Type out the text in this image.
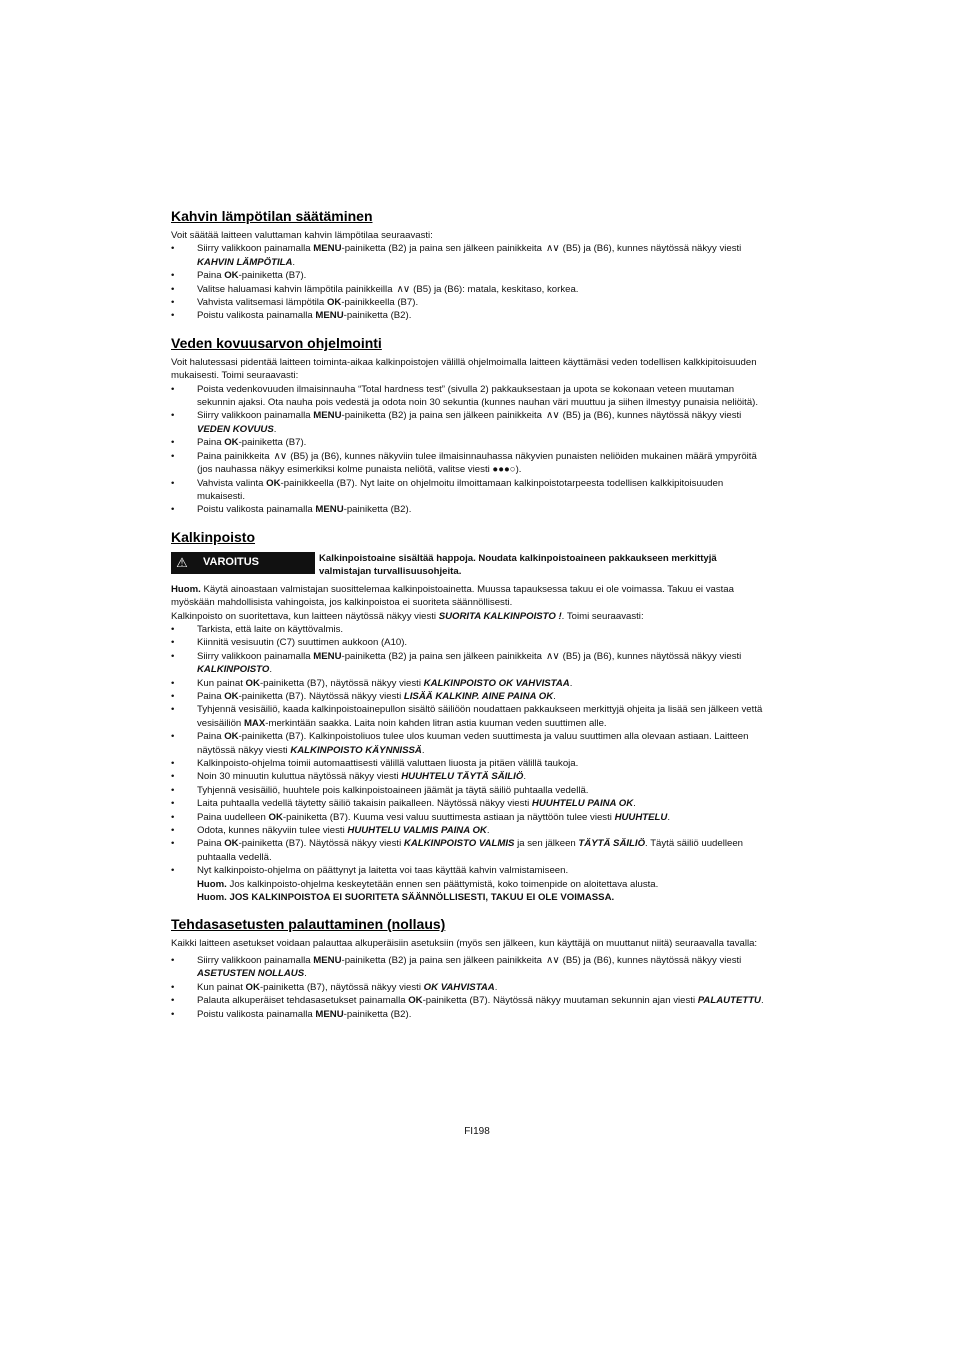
Kahvin lämpötilan säätäminen

Voit säätää laitteen valuttaman kahvin lämpötilaa seuraavasti:

• Siirry valikkoon painamalla MENU-painiketta (B2) ja paina sen jälkeen painikkeita ∧∨ (B5) ja (B6), kunnes näytössä näkyy viesti KAHVIN LÄMPÖTILA.
• Paina OK-painiketta (B7).
• Valitse haluamasi kahvin lämpötila painikkeilla ∧∨ (B5) ja (B6): matala, keskitaso, korkea.
• Vahvista valitsemasi lämpötila OK-painikkeella (B7).
• Poistu valikosta painamalla MENU-painiketta (B2).
Veden kovuusarvon ohjelmointi

Voit halutessasi pidentää laitteen toiminta-aikaa kalkinpoistojen välillä ohjelmoimalla laitteen käyttämäsi veden todellisen kalkkipitoisuuden mukaisesti. Toimi seuraavasti:

• Poista vedenkovuuden ilmaisinnauha “Total hardness test” (sivulla 2) pakkauksestaan ja upota se kokonaan veteen muutaman sekunnin ajaksi. Ota nauha pois vedestä ja odota noin 30 sekuntia (kunnes nauhan väri muuttuu ja siihen ilmestyy punaisia neliöitä).
• Siirry valikkoon painamalla MENU-painiketta (B2) ja paina sen jälkeen painikkeita ∧∨ (B5) ja (B6), kunnes näytössä näkyy viesti VEDEN KOVUUS.
• Paina OK-painiketta (B7).
• Paina painikkeita ∧∨ (B5) ja (B6), kunnes näkyviin tulee ilmaisinnauhassa näkyvien punaisten neliöiden mukainen määrä ympyröitä (jos nauhassa näkyy esimerkiksi kolme punaista neliötä, valitse viesti ●●●○).
• Vahvista valinta OK-painikkeella (B7). Nyt laite on ohjelmoitu ilmoittamaan kalkinpoistotarpeesta todellisen kalkkipitoisuuden mukaisesti.
• Poistu valikosta painamalla MENU-painiketta (B2).
Kalkinpoisto
⚠	VAROITUS	Kalkinpoistoaine sisältää happoja. Noudata kalkinpoistoaineen pakkaukseen merkittyjä valmistajan turvallisuusohjeita.

Huom. Käytä ainoastaan valmistajan suosittelemaa kalkinpoistoainetta. Muussa tapauksessa takuu ei ole voimassa. Takuu ei vastaa myöskään mahdollisista vahingoista, jos kalkinpoistoa ei suoriteta säännöllisesti.

Kalkinpoisto on suoritettava, kun laitteen näytössä näkyy viesti SUORITA KALKINPOISTO !. Toimi seuraavasti:

• Tarkista, että laite on käyttövalmis.
• Kiinnitä vesisuutin (C7) suuttimen aukkoon (A10).
• Siirry valikkoon painamalla MENU-painiketta (B2) ja paina sen jälkeen painikkeita ∧∨ (B5) ja (B6), kunnes näytössä näkyy viesti KALKINPOISTO.
• Kun painat OK-painiketta (B7), näytössä näkyy viesti KALKINPOISTO OK VAHVISTAA.
• Paina OK-painiketta (B7). Näytössä näkyy viesti LISÄÄ KALKINP. AINE PAINA OK.
• Tyhjennä vesisäiliö, kaada kalkinpoistoainepullon sisältö säiliöön noudattaen pakkaukseen merkittyjä ohjeita ja lisää sen jälkeen vettä vesisäiliön MAX-merkintään saakka. Laita noin kahden litran astia kuuman veden suuttimen alle.
• Paina OK-painiketta (B7). Kalkinpoistoliuos tulee ulos kuuman veden suuttimesta ja valuu suuttimen alla olevaan astiaan. Laitteen näytössä näkyy viesti KALKINPOISTO KÄYNNISSÄ.
• Kalkinpoisto-ohjelma toimii automaattisesti välillä valuttaen liuosta ja pitäen välillä taukoja.
• Noin 30 minuutin kuluttua näytössä näkyy viesti HUUHTELU TÄYTÄ SÄILIÖ.
• Tyhjennä vesisäiliö, huuhtele pois kalkinpoistoaineen jäämät ja täytä säiliö puhtaalla vedellä.
• Laita puhtaalla vedellä täytetty säiliö takaisin paikalleen. Näytössä näkyy viesti HUUHTELU PAINA OK.
• Paina uudelleen OK-painiketta (B7). Kuuma vesi valuu suuttimesta astiaan ja näyttöön tulee viesti HUUHTELU.
• Odota, kunnes näkyviin tulee viesti HUUHTELU VALMIS PAINA OK.
• Paina OK-painiketta (B7). Näytössä näkyy viesti KALKINPOISTO VALMIS ja sen jälkeen TÄYTÄ SÄILIÖ. Täytä säiliö uudelleen puhtaalla vedellä.
• Nyt kalkinpoisto-ohjelma on päättynyt ja laitetta voi taas käyttää kahvin valmistamiseen.
Huom. Jos kalkinpoisto-ohjelma keskeytetään ennen sen päättymistä, koko toimenpide on aloitettava alusta.
Huom. JOS KALKINPOISTOA EI SUORITETA SÄÄNNÖLLISESTI, TAKUU EI OLE VOIMASSA.
Tehdasasetusten palauttaminen (nollaus)

Kaikki laitteen asetukset voidaan palauttaa alkuperäisiin asetuksiin (myös sen jälkeen, kun käyttäjä on muuttanut niitä) seuraavalla tavalla:

• Siirry valikkoon painamalla MENU-painiketta (B2) ja paina sen jälkeen painikkeita ∧∨ (B5) ja (B6), kunnes näytössä näkyy viesti ASETUSTEN NOLLAUS.
• Kun painat OK-painiketta (B7), näytössä näkyy viesti OK VAHVISTAA.
• Palauta alkuperäiset tehdasasetukset painamalla OK-painiketta (B7). Näytössä näkyy muutaman sekunnin ajan viesti PALAUTETTU.
• Poistu valikosta painamalla MENU-painiketta (B2).
FI198
